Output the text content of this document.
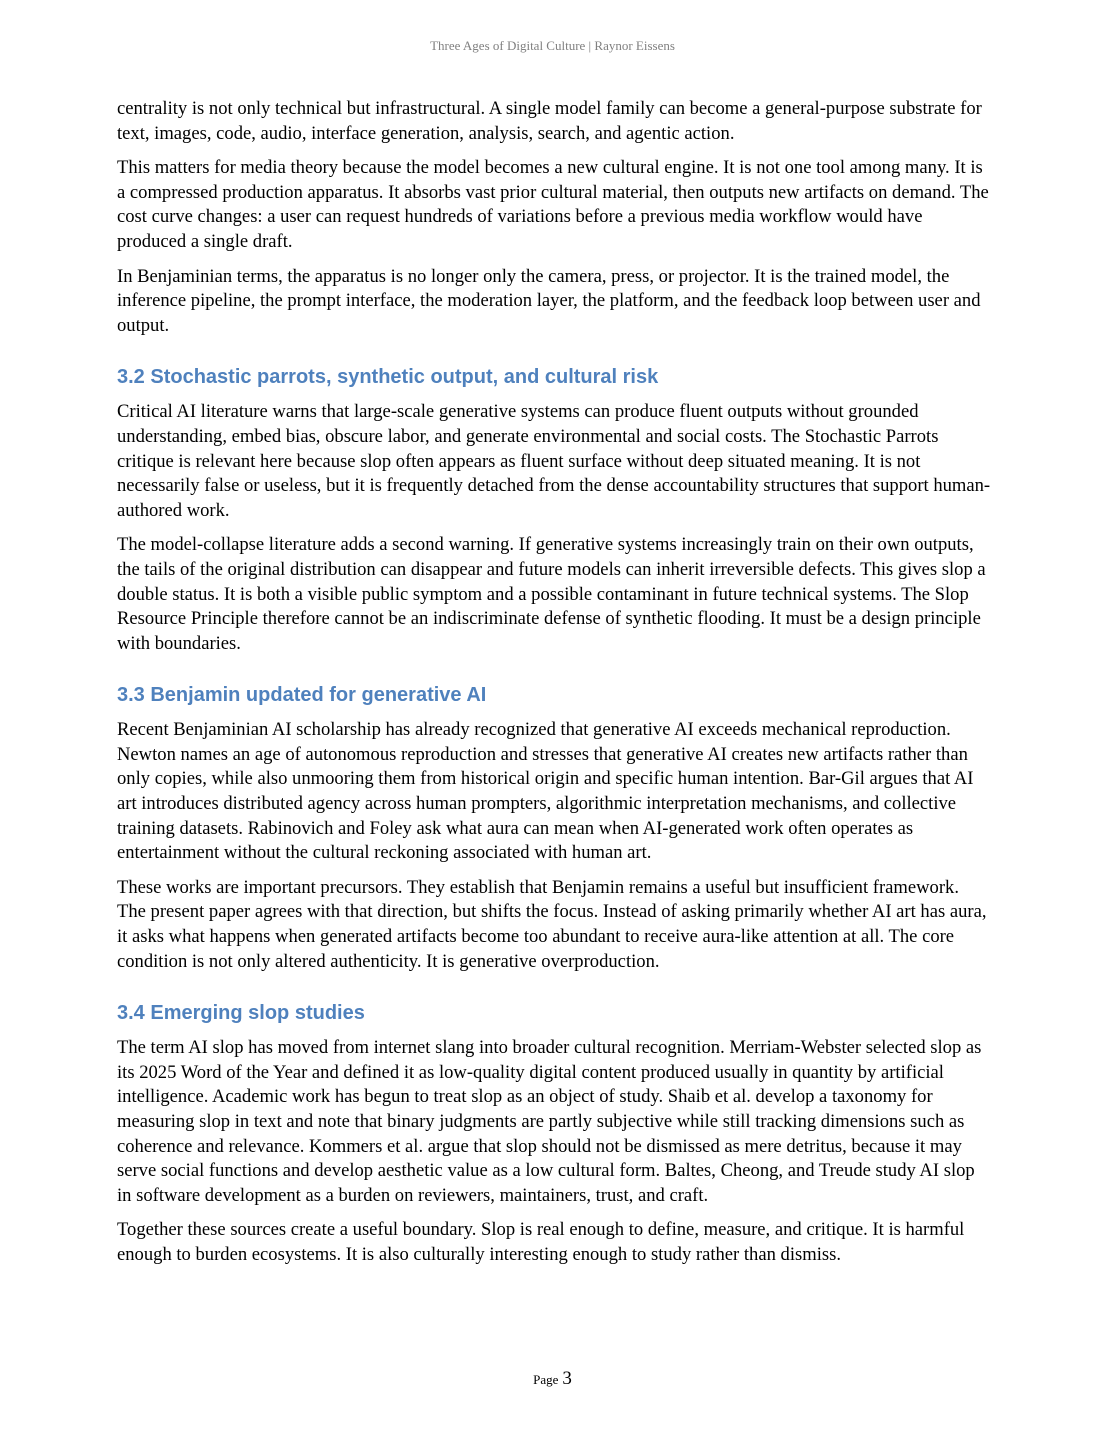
Three Ages of Digital Culture | Raynor Eissens

centrality is not only technical but infrastructural. A single model family can become a general-purpose substrate for text, images, code, audio, interface generation, analysis, search, and agentic action.

This matters for media theory because the model becomes a new cultural engine. It is not one tool among many. It is a compressed production apparatus. It absorbs vast prior cultural material, then outputs new artifacts on demand. The cost curve changes: a user can request hundreds of variations before a previous media workflow would have produced a single draft.

In Benjaminian terms, the apparatus is no longer only the camera, press, or projector. It is the trained model, the inference pipeline, the prompt interface, the moderation layer, the platform, and the feedback loop between user and output.

3.2 Stochastic parrots, synthetic output, and cultural risk

Critical AI literature warns that large-scale generative systems can produce fluent outputs without grounded understanding, embed bias, obscure labor, and generate environmental and social costs. The Stochastic Parrots critique is relevant here because slop often appears as fluent surface without deep situated meaning. It is not necessarily false or useless, but it is frequently detached from the dense accountability structures that support human-authored work.

The model-collapse literature adds a second warning. If generative systems increasingly train on their own outputs, the tails of the original distribution can disappear and future models can inherit irreversible defects. This gives slop a double status. It is both a visible public symptom and a possible contaminant in future technical systems. The Slop Resource Principle therefore cannot be an indiscriminate defense of synthetic flooding. It must be a design principle with boundaries.

3.3 Benjamin updated for generative AI

Recent Benjaminian AI scholarship has already recognized that generative AI exceeds mechanical reproduction. Newton names an age of autonomous reproduction and stresses that generative AI creates new artifacts rather than only copies, while also unmooring them from historical origin and specific human intention. Bar-Gil argues that AI art introduces distributed agency across human prompters, algorithmic interpretation mechanisms, and collective training datasets. Rabinovich and Foley ask what aura can mean when AI-generated work often operates as entertainment without the cultural reckoning associated with human art.

These works are important precursors. They establish that Benjamin remains a useful but insufficient framework. The present paper agrees with that direction, but shifts the focus. Instead of asking primarily whether AI art has aura, it asks what happens when generated artifacts become too abundant to receive aura-like attention at all. The core condition is not only altered authenticity. It is generative overproduction.

3.4 Emerging slop studies

The term AI slop has moved from internet slang into broader cultural recognition. Merriam-Webster selected slop as its 2025 Word of the Year and defined it as low-quality digital content produced usually in quantity by artificial intelligence. Academic work has begun to treat slop as an object of study. Shaib et al. develop a taxonomy for measuring slop in text and note that binary judgments are partly subjective while still tracking dimensions such as coherence and relevance. Kommers et al. argue that slop should not be dismissed as mere detritus, because it may serve social functions and develop aesthetic value as a low cultural form. Baltes, Cheong, and Treude study AI slop in software development as a burden on reviewers, maintainers, trust, and craft.

Together these sources create a useful boundary. Slop is real enough to define, measure, and critique. It is harmful enough to burden ecosystems. It is also culturally interesting enough to study rather than dismiss.

Page 3
